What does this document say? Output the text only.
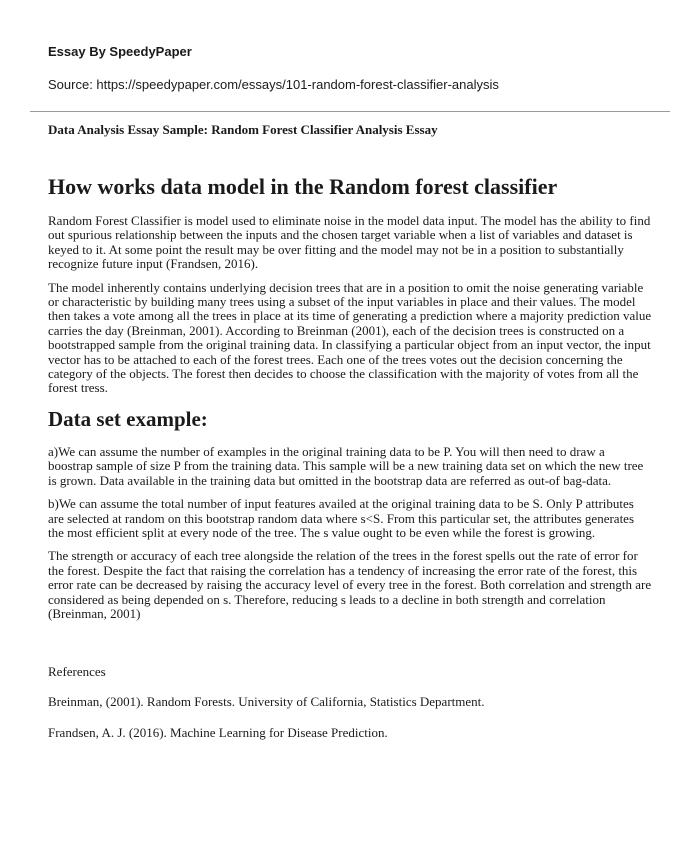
Essay By SpeedyPaper
Source: https://speedypaper.com/essays/101-random-forest-classifier-analysis
Data Analysis Essay Sample: Random Forest Classifier Analysis Essay
How works data model in the Random forest classifier

Random Forest Classifier is model used to eliminate noise in the model data input. The model has the ability to find out spurious relationship between the inputs and the chosen target variable when a list of variables and dataset is keyed to it. At some point the result may be over fitting and the model may not be in a position to substantially recognize future input (Frandsen, 2016).

The model inherently contains underlying decision trees that are in a position to omit the noise generating variable or characteristic by building many trees using a subset of the input variables in place and their values. The model then takes a vote among all the trees in place at its time of generating a prediction where a majority prediction value carries the day (Breinman, 2001). According to Breinman (2001), each of the decision trees is constructed on a bootstrapped sample from the original training data. In classifying a particular object from an input vector, the input vector has to be attached to each of the forest trees. Each one of the trees votes out the decision concerning the category of the objects. The forest then decides to choose the classification with the majority of votes from all the forest tress.

Data set example:

a)We can assume the number of examples in the original training data to be P. You will then need to draw a boostrap sample of size P from the training data. This sample will be a new training data set on which the new tree is grown. Data available in the training data but omitted in the bootstrap data are referred as out-of bag-data.

b)We can assume the total number of input features availed at the original training data to be S. Only P attributes are selected at random on this bootstrap random data where s<S. From this particular set, the attributes generates the most efficient split at every node of the tree. The s value ought to be even while the forest is growing.

The strength or accuracy of each tree alongside the relation of the trees in the forest spells out the rate of error for the forest. Despite the fact that raising the correlation has a tendency of increasing the error rate of the forest, this error rate can be decreased by raising the accuracy level of every tree in the forest. Both correlation and strength are considered as being depended on s. Therefore, reducing s leads to a decline in both strength and correlation (Breinman, 2001)

References
Breinman, (2001). Random Forests. University of California, Statistics Department.
Frandsen, A. J. (2016). Machine Learning for Disease Prediction.
